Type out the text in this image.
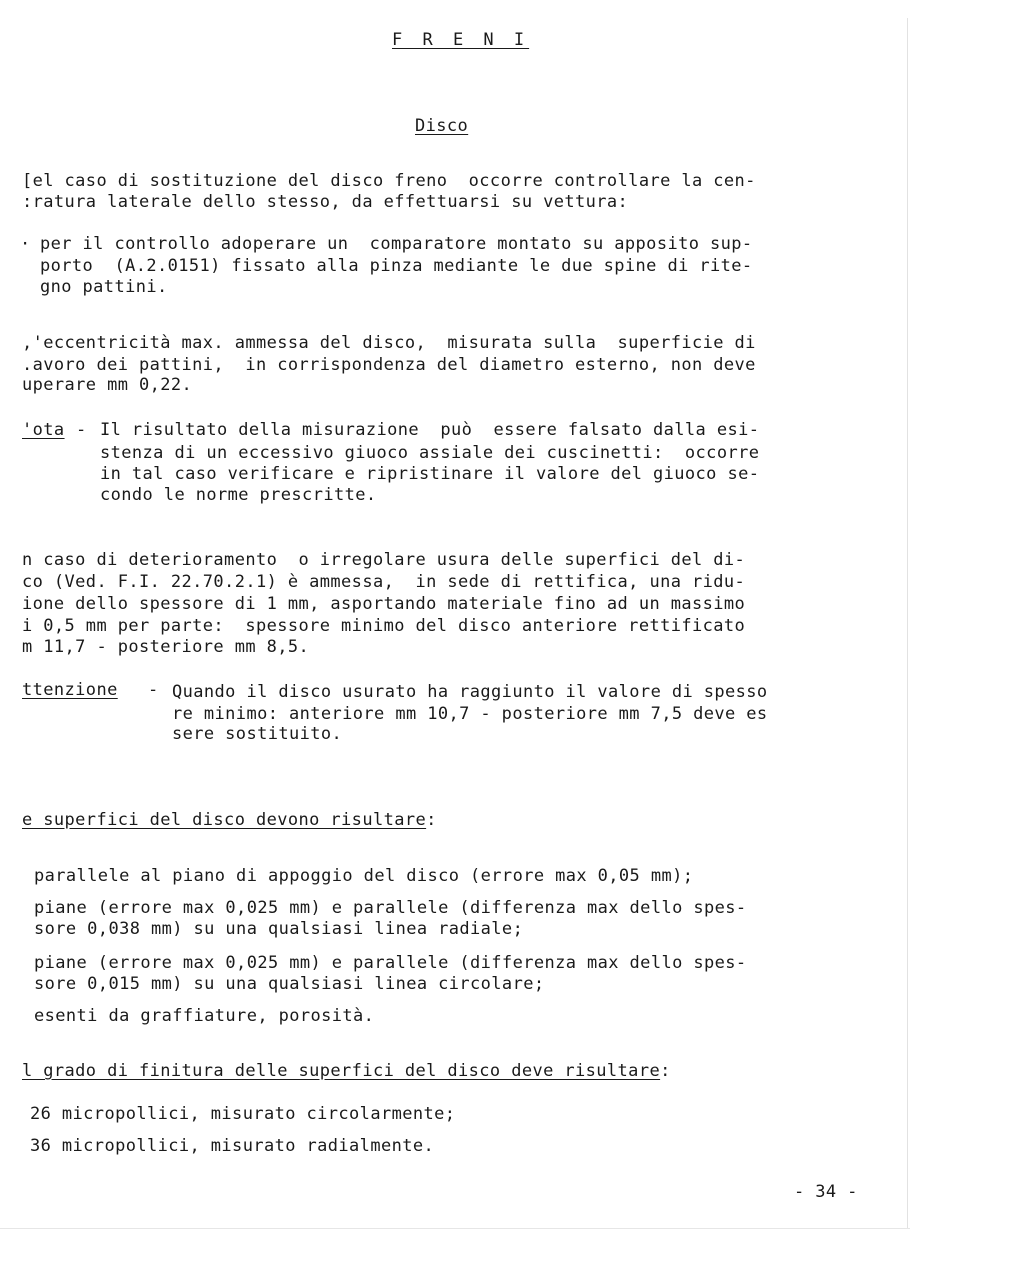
F R E N I
Disco
[el caso di sostituzione del disco freno  occorre controllare la cen-
:ratura laterale dello stesso, da effettuarsi su vettura:
· per il controllo adoperare un  comparatore montato su apposito sup-
porto  (A.2.0151) fissato alla pinza mediante le due spine di rite-
gno pattini.
,'eccentricità max. ammessa del disco,  misurata sulla  superficie di
.avoro dei pattini,  in corrispondenza del diametro esterno, non deve
uperare mm 0,22.
'ota - Il risultato della misurazione  può  essere falsato dalla esi-
stenza di un eccessivo giuoco assiale dei cuscinetti:  occorre
in tal caso verificare e ripristinare il valore del giuoco se-
condo le norme prescritte.
n caso di deterioramento  o irregolare usura delle superfici del di-
co (Ved. F.I. 22.70.2.1) è ammessa,  in sede di rettifica, una ridu-
ione dello spessore di 1 mm, asportando materiale fino ad un massimo
i 0,5 mm per parte:  spessore minimo del disco anteriore rettificato
m 11,7 - posteriore mm 8,5.
ttenzione - Quando il disco usurato ha raggiunto il valore di spesso
re minimo: anteriore mm 10,7 - posteriore mm 7,5 deve es
sere sostituito.
e superfici del disco devono risultare:
parallele al piano di appoggio del disco (errore max 0,05 mm);
piane (errore max 0,025 mm) e parallele (differenza max dello spes-
sore 0,038 mm) su una qualsiasi linea radiale;
piane (errore max 0,025 mm) e parallele (differenza max dello spes-
sore 0,015 mm) su una qualsiasi linea circolare;
esenti da graffiature, porosità.
l grado di finitura delle superfici del disco deve risultare:
26 micropollici, misurato circolarmente;
36 micropollici, misurato radialmente.
- 34 -
